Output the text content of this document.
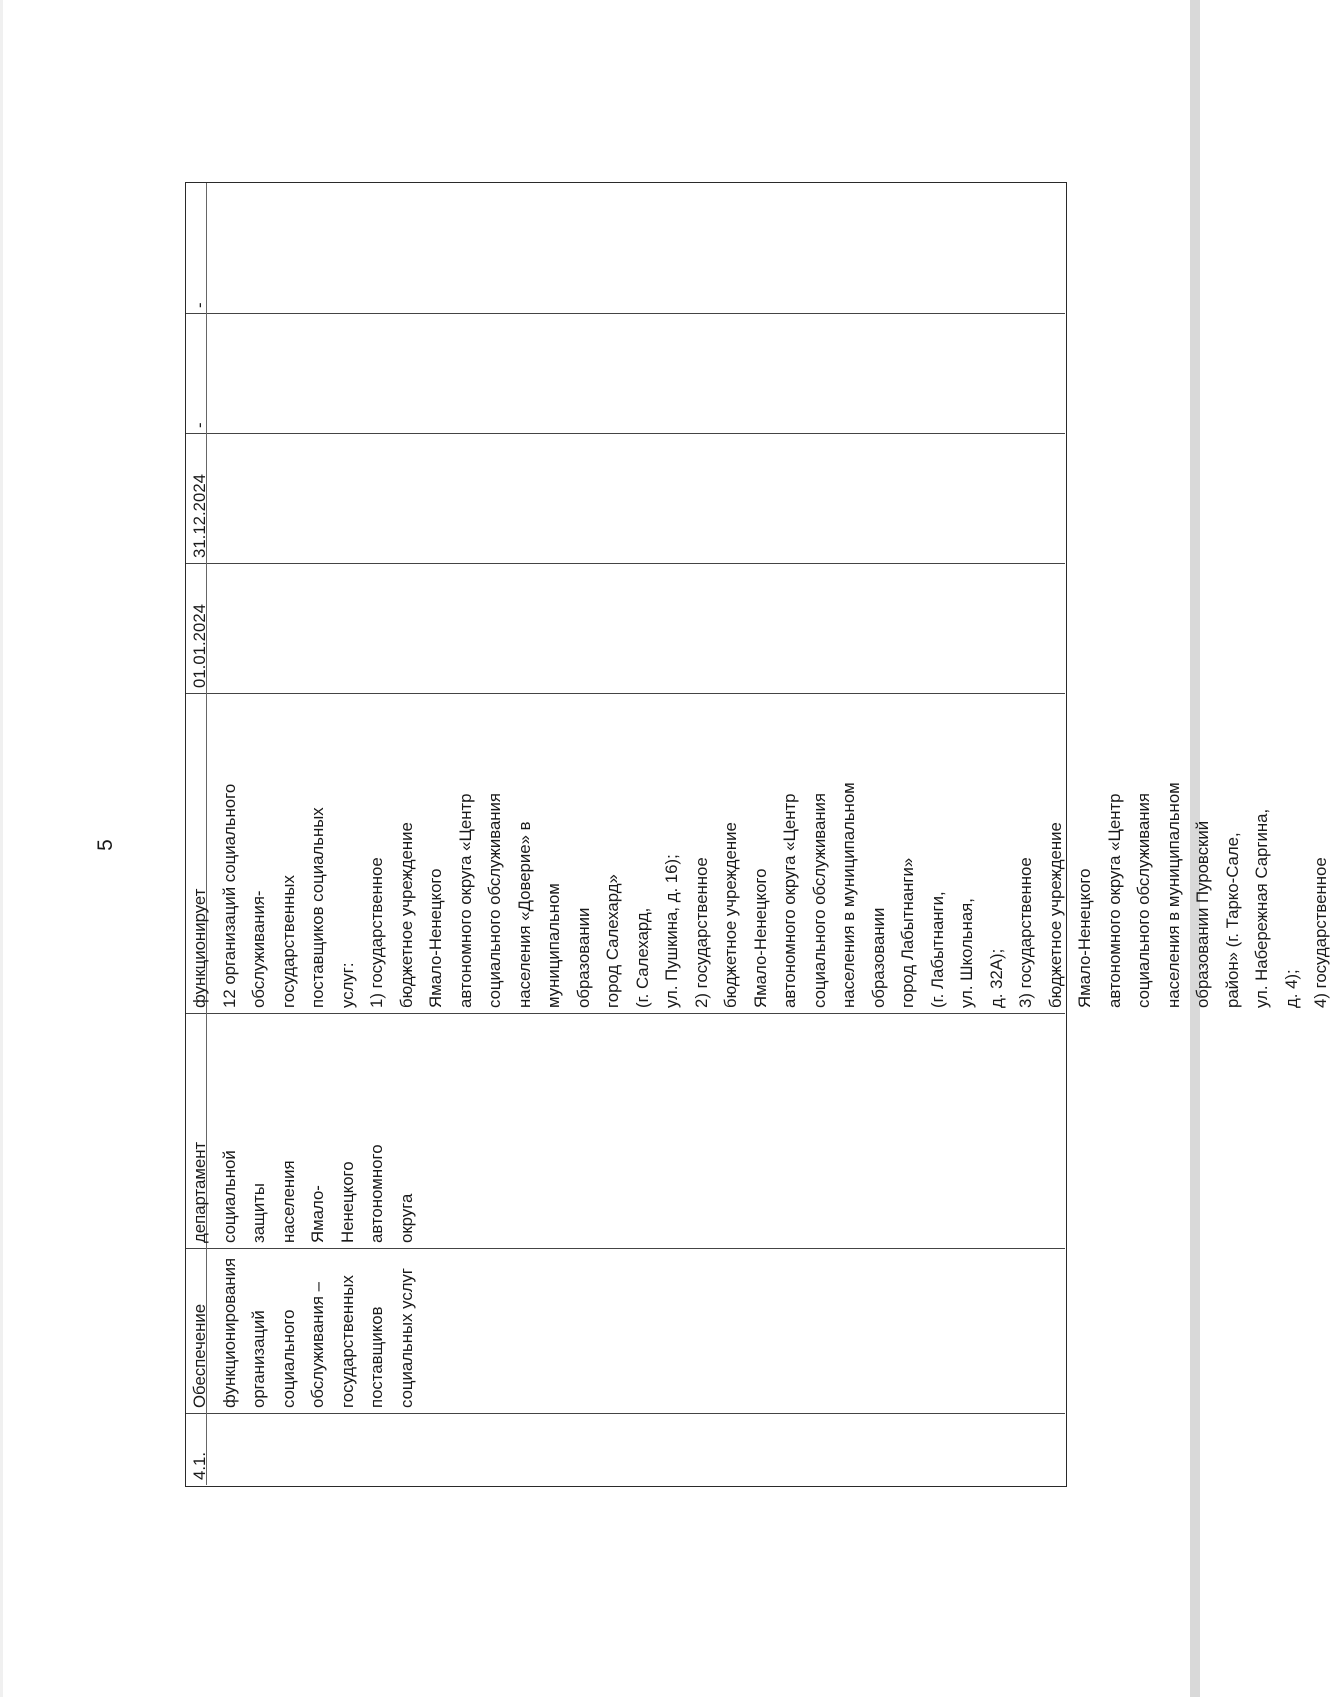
5
4.1.
Обеспечение
функционирования
организаций
социального
обслуживания –
государственных
поставщиков
социальных услуг
департамент
социальной
защиты
населения
Ямало-
Ненецкого
автономного
округа
функционирует
12 организаций социального
обслуживания-
государственных
поставщиков социальных
услуг:
1) государственное
бюджетное учреждение
Ямало-Ненецкого
автономного округа «Центр
социального обслуживания
населения «Доверие» в
муниципальном
образовании
город Салехард»
(г. Салехард,
ул. Пушкина, д. 16);
2) государственное
бюджетное учреждение
Ямало-Ненецкого
автономного округа «Центр
социального обслуживания
населения в муниципальном
образовании
город Лабытнанги»
(г. Лабытнанги,
ул. Школьная,
д. 32А);
3) государственное
бюджетное учреждение
Ямало-Ненецкого
автономного округа «Центр
социального обслуживания
населения в муниципальном
образовании Пуровский
район» (г. Тарко-Сале,
ул. Набережная Саргина,
д. 4);
4) государственное
01.01.2024
31.12.2024
-
-
